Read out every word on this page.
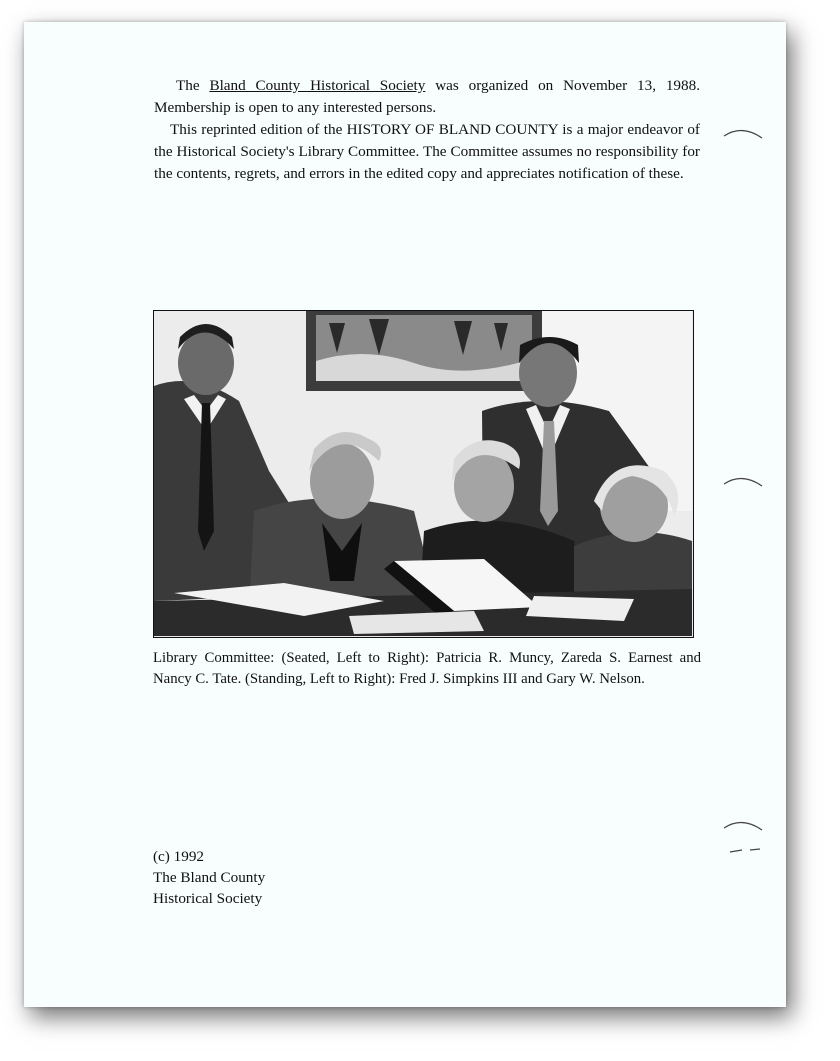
The Bland County Historical Society was organized on November 13, 1988. Membership is open to any interested persons.

This reprinted edition of the HISTORY OF BLAND COUNTY is a major endeavor of the Historical Society's Library Committee. The Committee assumes no responsibility for the contents, regrets, and errors in the edited copy and appreciates notification of these.

Library Committee: (Seated, Left to Right): Patricia R. Muncy, Zareda S. Earnest and Nancy C. Tate. (Standing, Left to Right): Fred J. Simpkins III and Gary W. Nelson.

(c) 1992
The Bland County
Historical Society
